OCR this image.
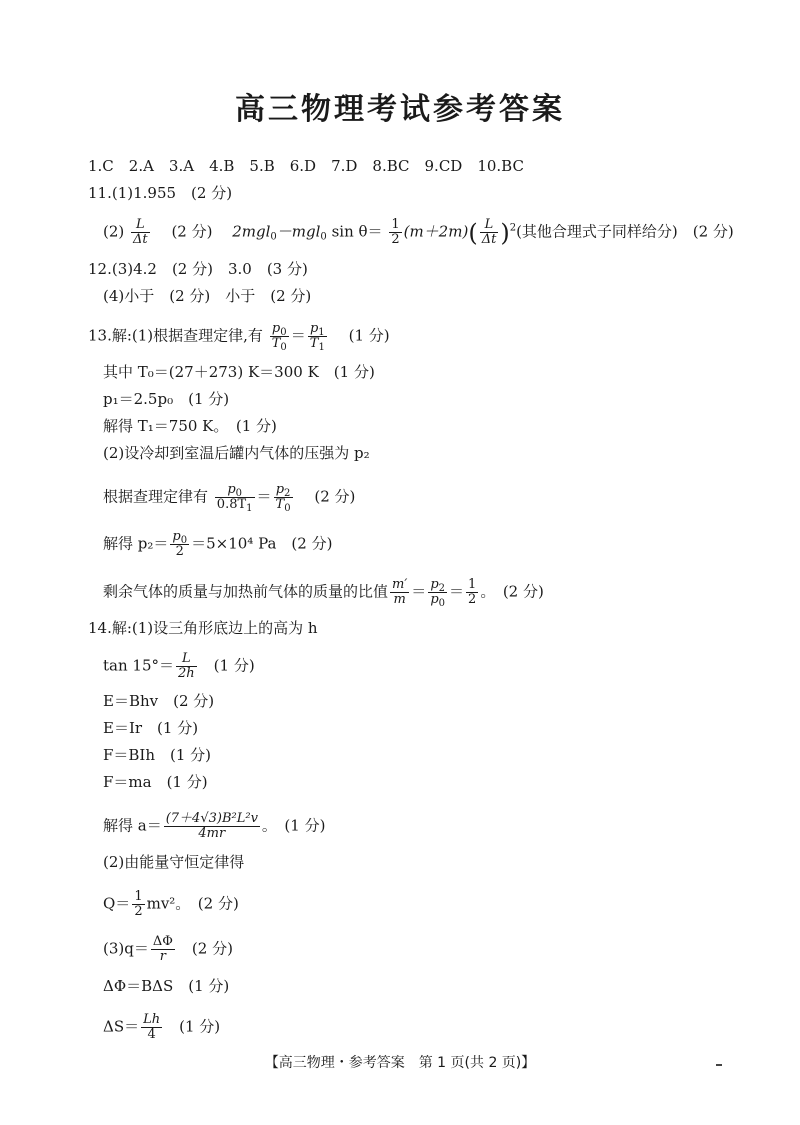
高三物理考试参考答案
1.C　2.A　3.A　4.B　5.B　6.D　7.D　8.BC　9.CD　10.BC
11.(1)1.955　(2 分)
$(2) \frac{L}{\Delta t}$ 　(2 分)　 2mgl$_0$－mgl$_0$ $\sin \theta= \frac{1}{2} (m+2m)( \frac{L}{\Delta t} )^2$(其他合理式子同样给分)　(2 分)
12.(3)4.2　(2 分)　3.0　(3 分)
(4)小于　(2 分)　小于　(2 分)
13.解:(1)根据查理定律,有 $\frac{p_0}{T_0} = \frac{p_1}{T_1}$ 　(1 分)
其中 T₀＝(27＋273) K＝300 K　(1 分)
p₁＝2.5p₀　(1 分)
解得 T₁＝750 K。　(1 分)
(2)设冷却到室温后罐内气体的压强为 p₂
根据查理定律有 $\frac{p_0}{0.8T_1} = \frac{p_2}{T_0}$ 　(2 分)
解得 $p_2= \frac{p_0}{2} =5\times 10^4$ Pa　(2 分)
剩余气体的质量与加热前气体的质量的比值 $\frac{m'}{m} = \frac{p_2}{p_0} = \frac{1}{2}$ 。　(2 分)
14.解:(1)设三角形底边上的高为 h
$\tan 15^\circ= \frac{L}{2h}$ 　(1 分)
E＝Bhv　(2 分)
E＝Ir　(1 分)
F＝BIh　(1 分)
F＝ma　(1 分)
解得 $a= \frac{\text{(7＋4√3)B²L²v}}{4mr}$ 。　(1 分)
(2)由能量守恒定律得
$Q= \frac{1}{2} mv^2$。　(2 分)
$(3)q= \frac{\Delta\Phi}{r}$ 　(2 分)
ΔΦ＝BΔS　(1 分)
$\Delta S= \frac{Lh}{4}$ 　(1 分)
【高三物理・参考答案　第 1 页(共 2 页)】
